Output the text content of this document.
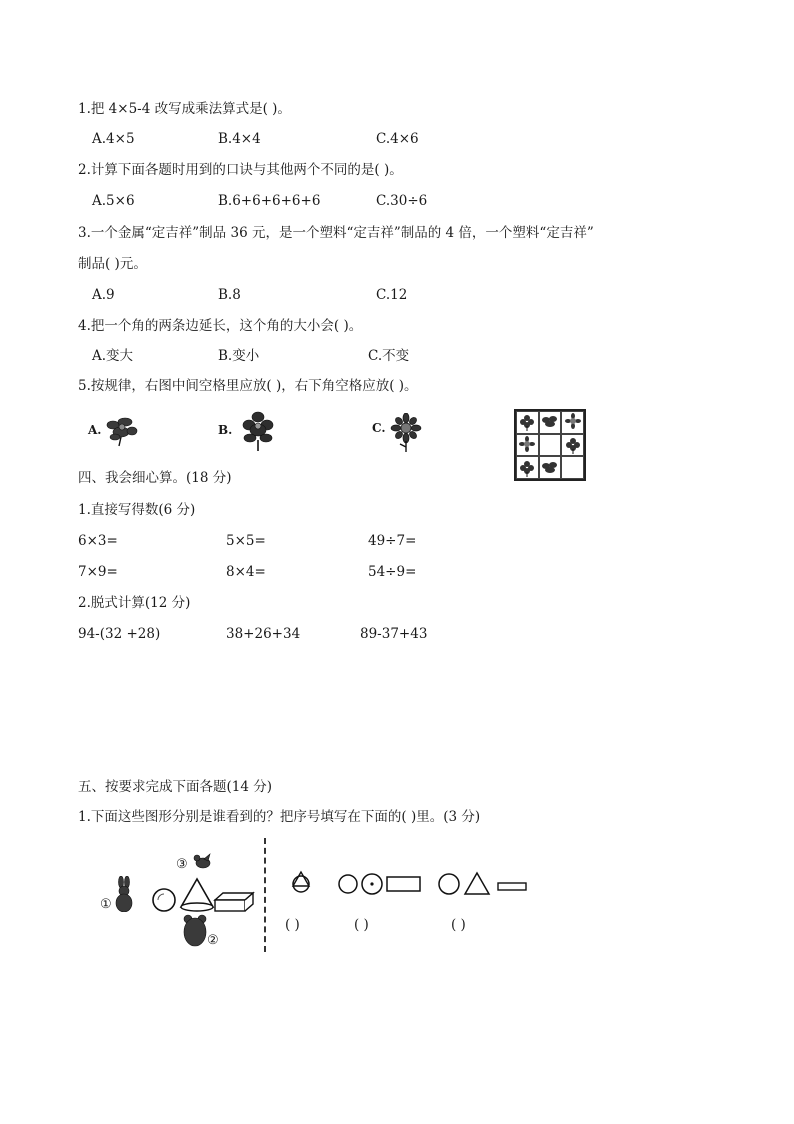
1.把 4×5-4 改写成乘法算式是( )。
A.4×5	B.4×4	C.4×6
2.计算下面各题时用到的口诀与其他两个不同的是( )。
A.5×6	B.6+6+6+6+6	C.30÷6
3.一个金属“定吉祥”制品 36 元，是一个塑料“定吉祥”制品的 4 倍，一个塑料“定吉祥”
制品( )元。
A.9	B.8	C.12
4.把一个角的两条边延长，这个角的大小会( )。
A.变大	B.变小	C.不变
5.按规律，右图中间空格里应放( )，右下角空格应放( )。
A.	B.	C.
四、我会细心算。(18 分)
1.直接写得数(6 分)
6×3=	5×5=	49÷7=
7×9=	8×4=	54÷9=
2.脱式计算(12 分)
94-(32 +28)	38+26+34	89-37+43
五、按要求完成下面各题(14 分)
1.下面这些图形分别是谁看到的？把序号填写在下面的( )里。(3 分)
①
③
②
( )	( )	( )
